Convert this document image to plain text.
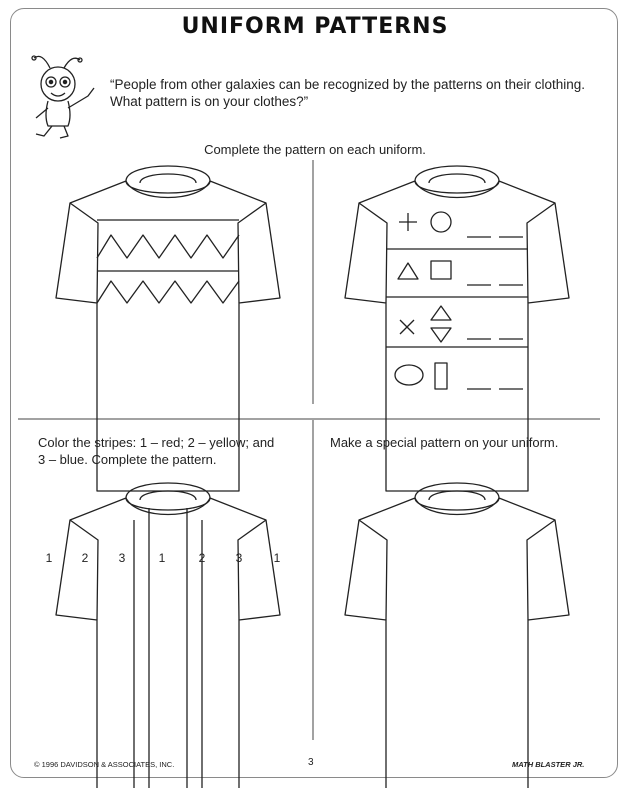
UNIFORM PATTERNS
“People from other galaxies can be recognized by the patterns on their clothing. What pattern is on your clothes?”
Complete the pattern on each uniform.
Color the stripes: 1 – red; 2 – yellow; and
3 – blue. Complete the pattern.
Make a special pattern on your uniform.
1 2	3	1	2	3	1
© 1996 DAVIDSON & ASSOCIATES, INC.	3	MATH BLASTER JR.
